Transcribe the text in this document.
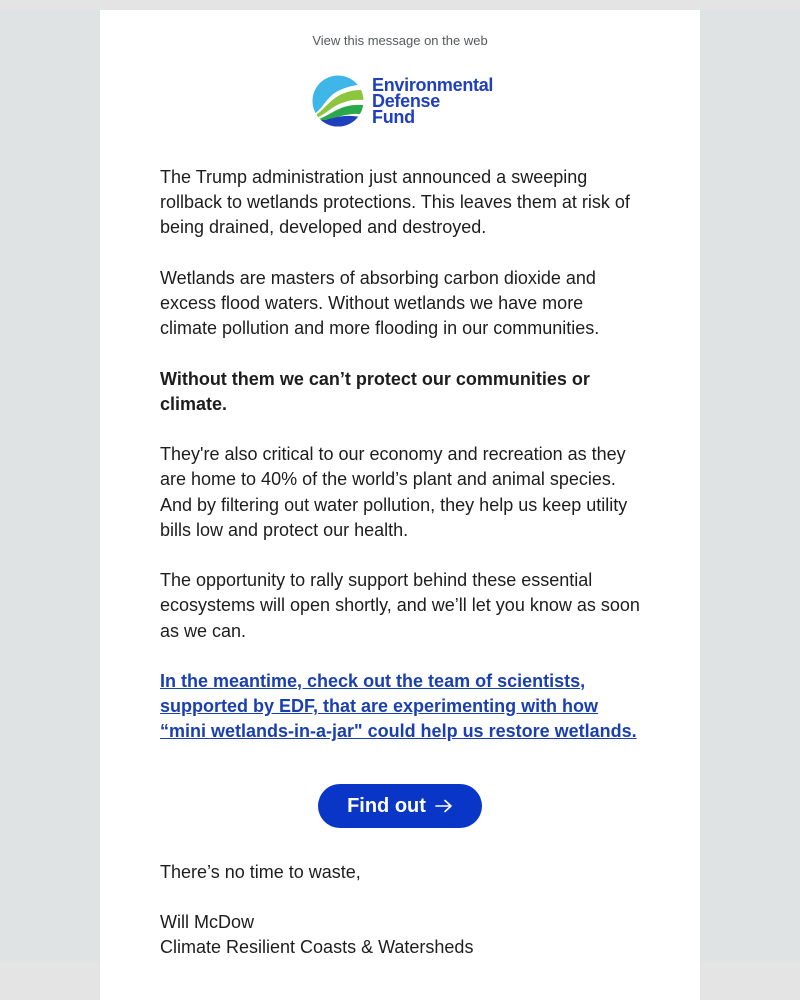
View this message on the web
Environmental
Defense
Fund

The Trump administration just announced a sweeping rollback to wetlands protections. This leaves them at risk of being drained, developed and destroyed.

Wetlands are masters of absorbing carbon dioxide and excess flood waters. Without wetlands we have more climate pollution and more flooding in our communities.

Without them we can’t protect our communities or climate.

They're also critical to our economy and recreation as they are home to 40% of the world’s plant and animal species. And by filtering out water pollution, they help us keep utility bills low and protect our health.

The opportunity to rally support behind these essential ecosystems will open shortly, and we’ll let you know as soon as we can.

In the meantime, check out the team of scientists, supported by EDF, that are experimenting with how “mini wetlands-in-a-jar" could help us restore wetlands.
Find out
There’s no time to waste,
Will McDow
Climate Resilient Coasts & Watersheds
